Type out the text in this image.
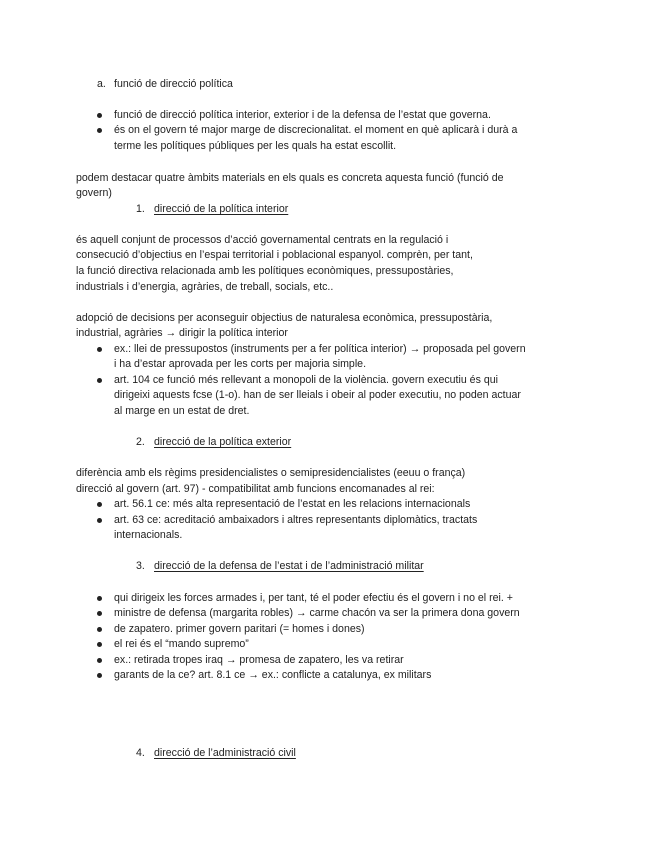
a. funció de direcció política
funció de direcció política interior, exterior i de la defensa de l’estat que governa.
és on el govern té major marge de discrecionalitat. el moment en què aplicarà i durà a
terme les polítiques públiques per les quals ha estat escollit.
podem destacar quatre àmbits materials en els quals es concreta aquesta funció (funció de
govern)
1. direcció de la política interior
és aquell conjunt de processos d’acció governamental centrats en la regulació i
consecució d’objectius en l’espai territorial i poblacional espanyol. comprèn, per tant,
la funció directiva relacionada amb les polítiques econòmiques, pressupostàries,
industrials i d’energia, agràries, de treball, socials, etc..
adopció de decisions per aconseguir objectius de naturalesa econòmica, pressupostària,
industrial, agràries → dirigir la política interior
ex.: llei de pressupostos (instruments per a fer política interior) → proposada pel govern
i ha d’estar aprovada per les corts per majoria simple.
art. 104 ce funció més rellevant a monopoli de la violència. govern executiu és qui
dirigeixi aquests fcse (1-o). han de ser lleials i obeir al poder executiu, no poden actuar
al marge en un estat de dret.
2. direcció de la política exterior
diferència amb els règims presidencialistes o semipresidencialistes (eeuu o frança)
direcció al govern (art. 97) - compatibilitat amb funcions encomanades al rei:
art. 56.1 ce: més alta representació de l’estat en les relacions internacionals
art. 63 ce: acreditació ambaixadors i altres representants diplomàtics, tractats
internacionals.
3. direcció de la defensa de l’estat i de l’administració militar
qui dirigeix les forces armades i, per tant, té el poder efectiu és el govern i no el rei. +
ministre de defensa (margarita robles) → carme chacón va ser la primera dona govern
de zapatero. primer govern paritari (= homes i dones)
el rei és el “mando supremo”
ex.: retirada tropes iraq → promesa de zapatero, les va retirar
garants de la ce? art. 8.1 ce → ex.: conflicte a catalunya, ex militars
4. direcció de l’administració civil
